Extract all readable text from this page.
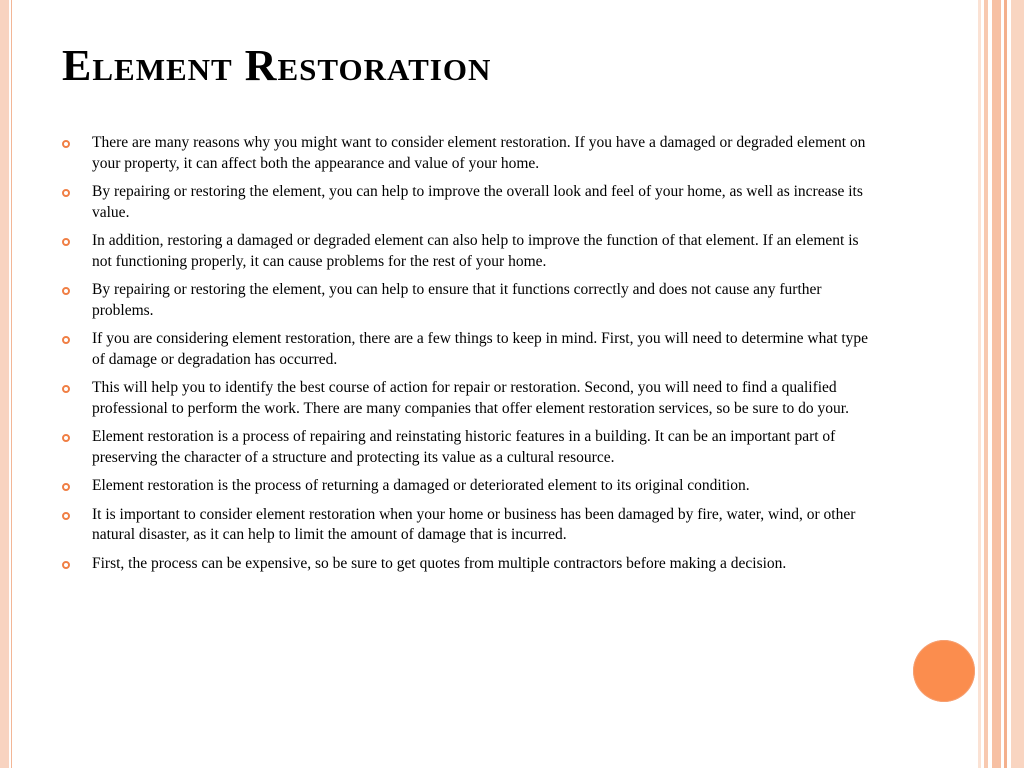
Element Restoration
There are many reasons why you might want to consider element restoration. If you have a damaged or degraded element on your property, it can affect both the appearance and value of your home.
By repairing or restoring the element, you can help to improve the overall look and feel of your home, as well as increase its value.
In addition, restoring a damaged or degraded element can also help to improve the function of that element. If an element is not functioning properly, it can cause problems for the rest of your home.
By repairing or restoring the element, you can help to ensure that it functions correctly and does not cause any further problems.
If you are considering element restoration, there are a few things to keep in mind. First, you will need to determine what type of damage or degradation has occurred.
This will help you to identify the best course of action for repair or restoration. Second, you will need to find a qualified professional to perform the work. There are many companies that offer element restoration services, so be sure to do your.
Element restoration is a process of repairing and reinstating historic features in a building. It can be an important part of preserving the character of a structure and protecting its value as a cultural resource.
Element restoration is the process of returning a damaged or deteriorated element to its original condition.
It is important to consider element restoration when your home or business has been damaged by fire, water, wind, or other natural disaster, as it can help to limit the amount of damage that is incurred.
First, the process can be expensive, so be sure to get quotes from multiple contractors before making a decision.
